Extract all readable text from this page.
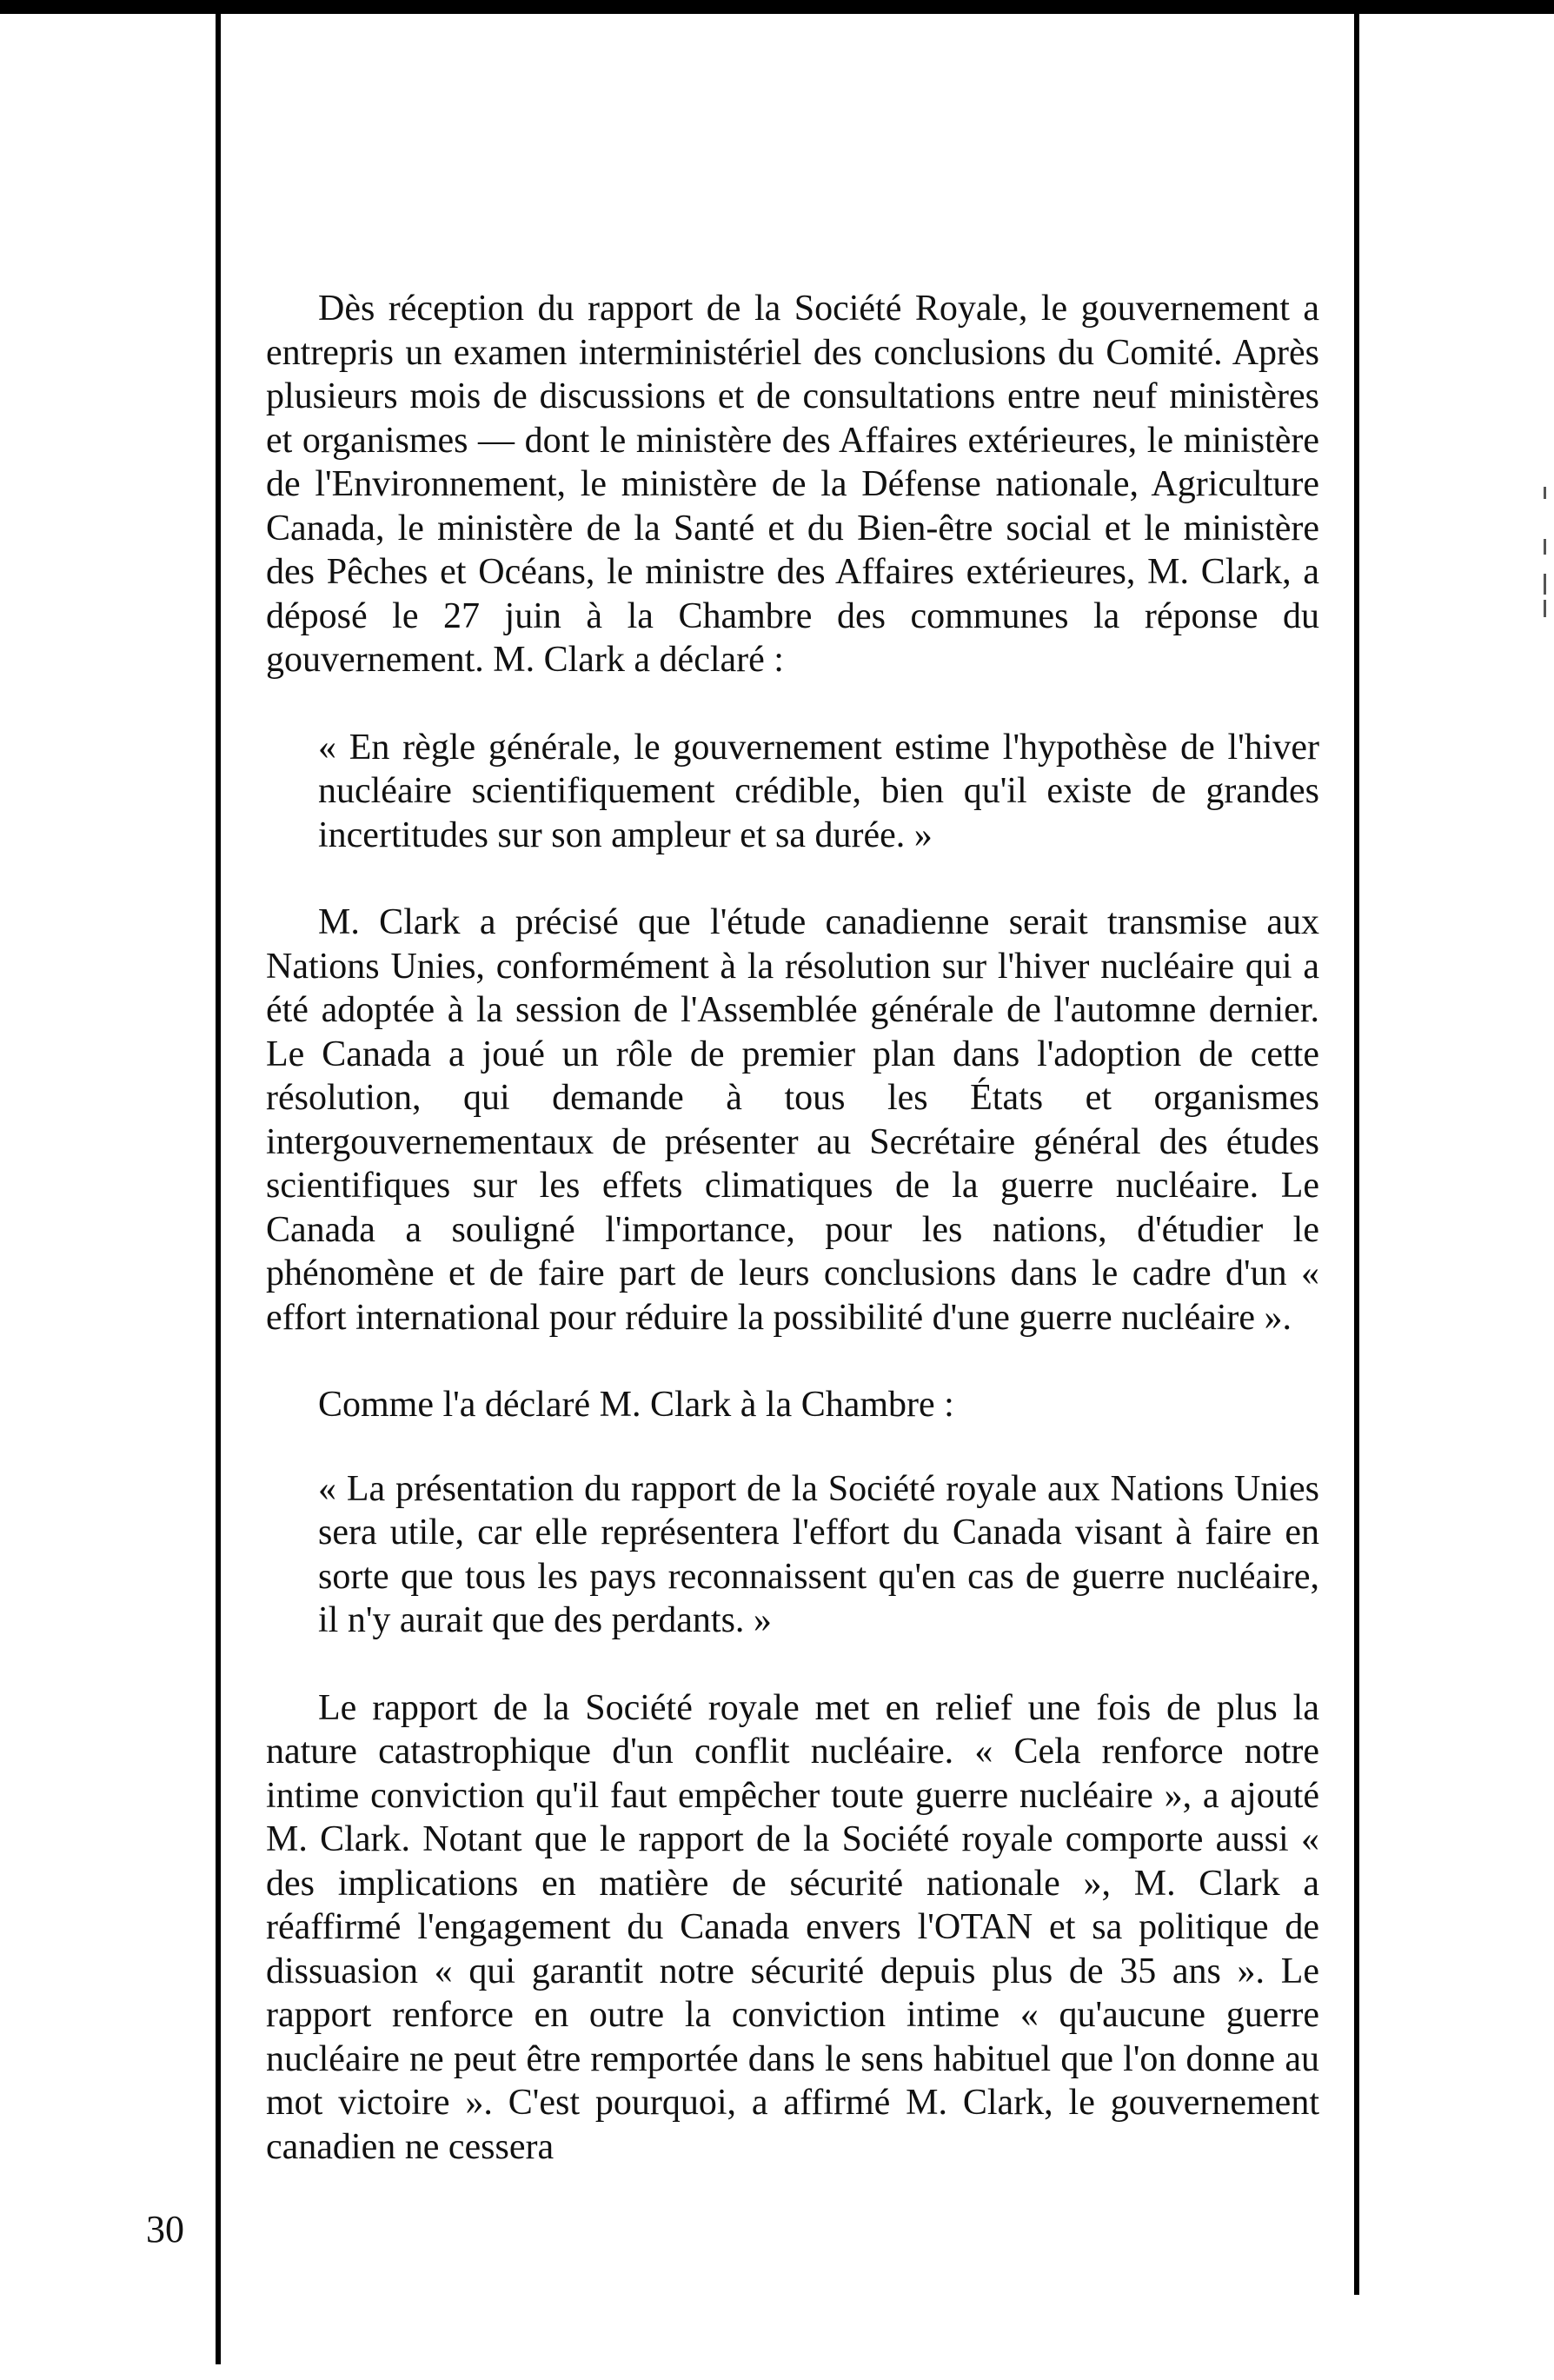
Dès réception du rapport de la Société Royale, le gouvernement a entrepris un examen interministériel des conclusions du Comité. Après plusieurs mois de discussions et de consultations entre neuf ministères et organismes — dont le ministère des Affaires extérieures, le ministère de l'Environnement, le ministère de la Défense nationale, Agriculture Canada, le ministère de la Santé et du Bien-être social et le ministère des Pêches et Océans, le ministre des Affaires extérieures, M. Clark, a déposé le 27 juin à la Chambre des communes la réponse du gouvernement. M. Clark a déclaré :

« En règle générale, le gouvernement estime l'hypothèse de l'hiver nucléaire scientifiquement crédible, bien qu'il existe de grandes incertitudes sur son ampleur et sa durée. »

M. Clark a précisé que l'étude canadienne serait transmise aux Nations Unies, conformément à la résolution sur l'hiver nucléaire qui a été adoptée à la session de l'Assemblée générale de l'automne dernier. Le Canada a joué un rôle de premier plan dans l'adoption de cette résolution, qui demande à tous les États et organismes intergouvernementaux de présenter au Secrétaire général des études scientifiques sur les effets climatiques de la guerre nucléaire. Le Canada a souligné l'importance, pour les nations, d'étudier le phénomène et de faire part de leurs conclusions dans le cadre d'un « effort international pour réduire la possibilité d'une guerre nucléaire ».

Comme l'a déclaré M. Clark à la Chambre :

« La présentation du rapport de la Société royale aux Nations Unies sera utile, car elle représentera l'effort du Canada visant à faire en sorte que tous les pays reconnaissent qu'en cas de guerre nucléaire, il n'y aurait que des perdants. »

Le rapport de la Société royale met en relief une fois de plus la nature catastrophique d'un conflit nucléaire. « Cela renforce notre intime conviction qu'il faut empêcher toute guerre nucléaire », a ajouté M. Clark. Notant que le rapport de la Société royale comporte aussi « des implications en matière de sécurité nationale », M. Clark a réaffirmé l'engagement du Canada envers l'OTAN et sa politique de dissuasion « qui garantit notre sécurité depuis plus de 35 ans ». Le rapport renforce en outre la conviction intime « qu'aucune guerre nucléaire ne peut être remportée dans le sens habituel que l'on donne au mot victoire ». C'est pourquoi, a affirmé M. Clark, le gouvernement canadien ne cessera

30
